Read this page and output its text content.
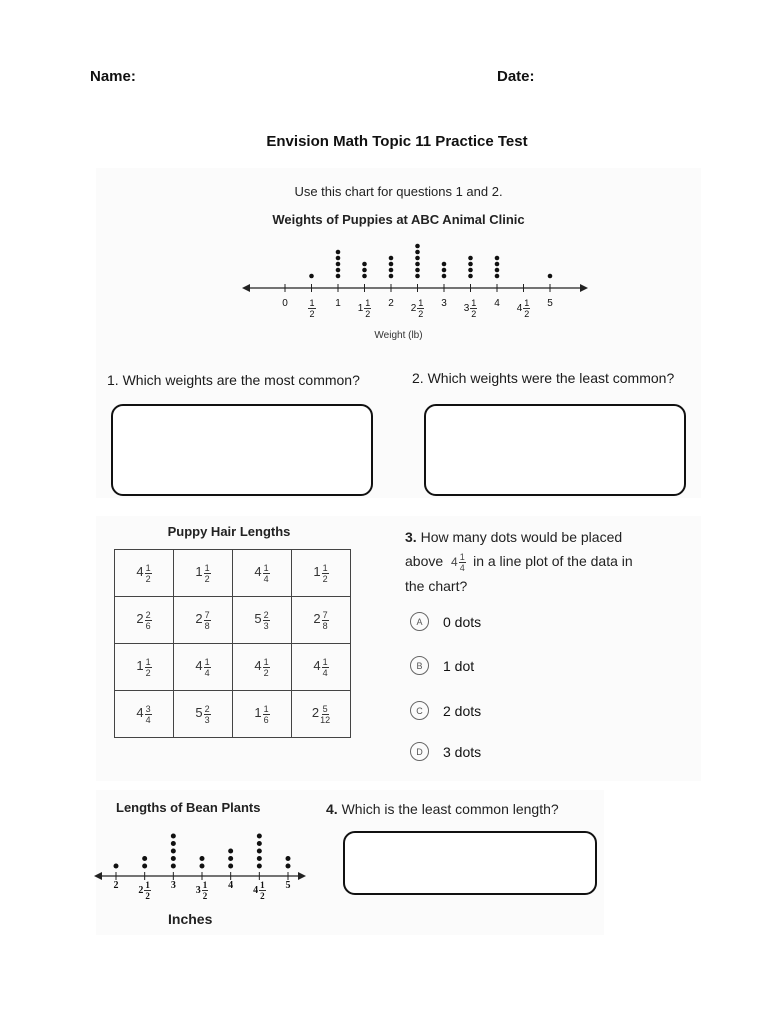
Name:	Date:
Envision Math Topic 11 Practice Test
Use this chart for questions 1 and 2.
Weights of Puppies at ABC Animal Clinic
0	$\frac{1}{2}$	1	$1 \frac{1}{2}$	2	$2 \frac{1}{2}$	3	$3 \frac{1}{2}$	4	$4 \frac{1}{2}$	5
Weight (lb)
1. Which weights are the most common?	2. Which weights were the least common?
Puppy Hair Lengths
$4 \frac{1}{2}$	$1 \frac{1}{2}$	$4 \frac{1}{4}$	$1 \frac{1}{2}$

$2 \frac{2}{6}$	$2 \frac{7}{8}$	$5 \frac{2}{3}$	$2 \frac{7}{8}$

$1 \frac{1}{2}$	$4 \frac{1}{4}$	$4 \frac{1}{2}$	$4 \frac{1}{4}$

$4 \frac{3}{4}$	$5 \frac{2}{3}$	$1 \frac{1}{6}$	$2 \frac{5}{12}$
3. How many dots would be placed
above $4 \frac{1}{4}$ in a line plot of the data in
the chart?
A	0 dots
B	1 dot
C	2 dots
D	3 dots
Lengths of Bean Plants
2	$2 \frac{1}{2}$	3	$3 \frac{1}{2}$	4	$4 \frac{1}{2}$	5
Inches
4. Which is the least common length?
